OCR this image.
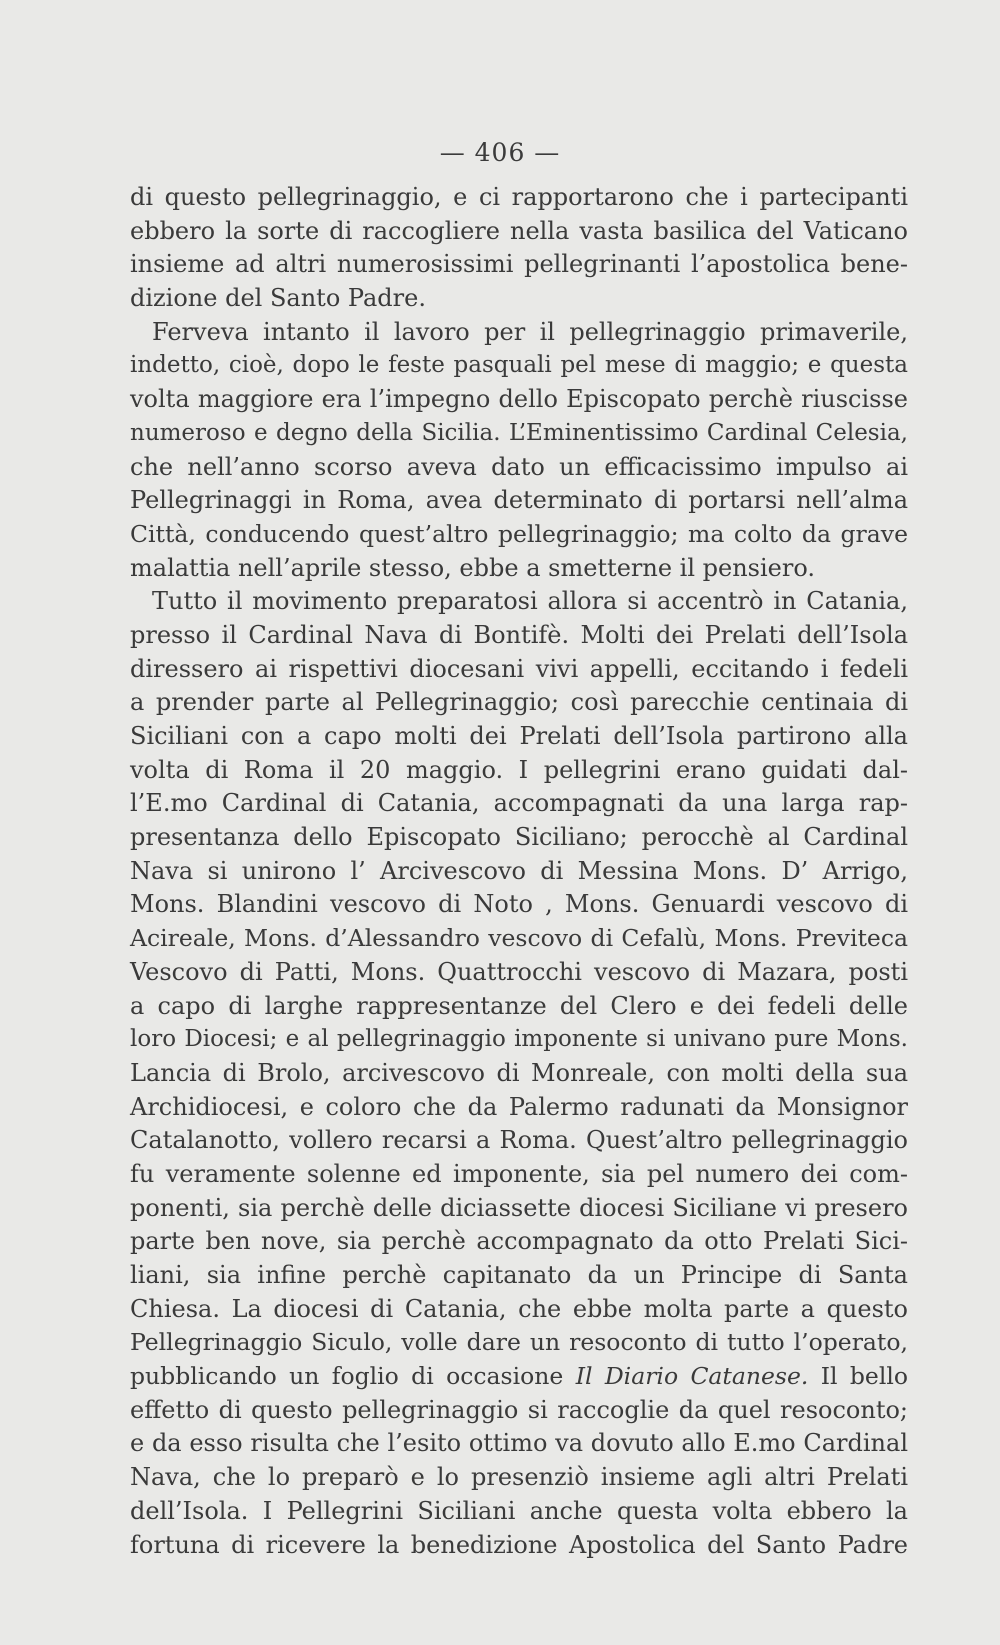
— 406 —
di questo pellegrinaggio, e ci rapportarono che i partecipanti
ebbero la sorte di raccogliere nella vasta basilica del Vaticano
insieme ad altri numerosissimi pellegrinanti l’apostolica bene-
dizione del Santo Padre.
Ferveva intanto il lavoro per il pellegrinaggio primaverile,
indetto, cioè, dopo le feste pasquali pel mese di maggio; e questa
volta maggiore era l’impegno dello Episcopato perchè riuscisse
numeroso e degno della Sicilia. L’Eminentissimo Cardinal Celesia,
che nell’anno scorso aveva dato un efficacissimo impulso ai
Pellegrinaggi in Roma, avea determinato di portarsi nell’alma
Città, conducendo quest’altro pellegrinaggio; ma colto da grave
malattia nell’aprile stesso, ebbe a smetterne il pensiero.
Tutto il movimento preparatosi allora si accentrò in Catania,
presso il Cardinal Nava di Bontifè. Molti dei Prelati dell’Isola
diressero ai rispettivi diocesani vivi appelli, eccitando i fedeli
a prender parte al Pellegrinaggio; così parecchie centinaia di
Siciliani con a capo molti dei Prelati dell’Isola partirono alla
volta di Roma il 20 maggio. I pellegrini erano guidati dal-
l’E.mo Cardinal di Catania, accompagnati da una larga rap-
presentanza dello Episcopato Siciliano; perocchè al Cardinal
Nava si unirono l’ Arcivescovo di Messina Mons. D’ Arrigo,
Mons. Blandini vescovo di Noto , Mons. Genuardi vescovo di
Acireale, Mons. d’Alessandro vescovo di Cefalù, Mons. Previteca
Vescovo di Patti, Mons. Quattrocchi vescovo di Mazara, posti
a capo di larghe rappresentanze del Clero e dei fedeli delle
loro Diocesi; e al pellegrinaggio imponente si univano pure Mons.
Lancia di Brolo, arcivescovo di Monreale, con molti della sua
Archidiocesi, e coloro che da Palermo radunati da Monsignor
Catalanotto, vollero recarsi a Roma. Quest’altro pellegrinaggio
fu veramente solenne ed imponente, sia pel numero dei com-
ponenti, sia perchè delle diciassette diocesi Siciliane vi presero
parte ben nove, sia perchè accompagnato da otto Prelati Sici-
liani, sia infine perchè capitanato da un Principe di Santa
Chiesa. La diocesi di Catania, che ebbe molta parte a questo
Pellegrinaggio Siculo, volle dare un resoconto di tutto l’operato,
pubblicando un foglio di occasione Il Diario Catanese. Il bello
effetto di questo pellegrinaggio si raccoglie da quel resoconto;
e da esso risulta che l’esito ottimo va dovuto allo E.mo Cardinal
Nava, che lo preparò e lo presenziò insieme agli altri Prelati
dell’Isola. I Pellegrini Siciliani anche questa volta ebbero la
fortuna di ricevere la benedizione Apostolica del Santo Padre
